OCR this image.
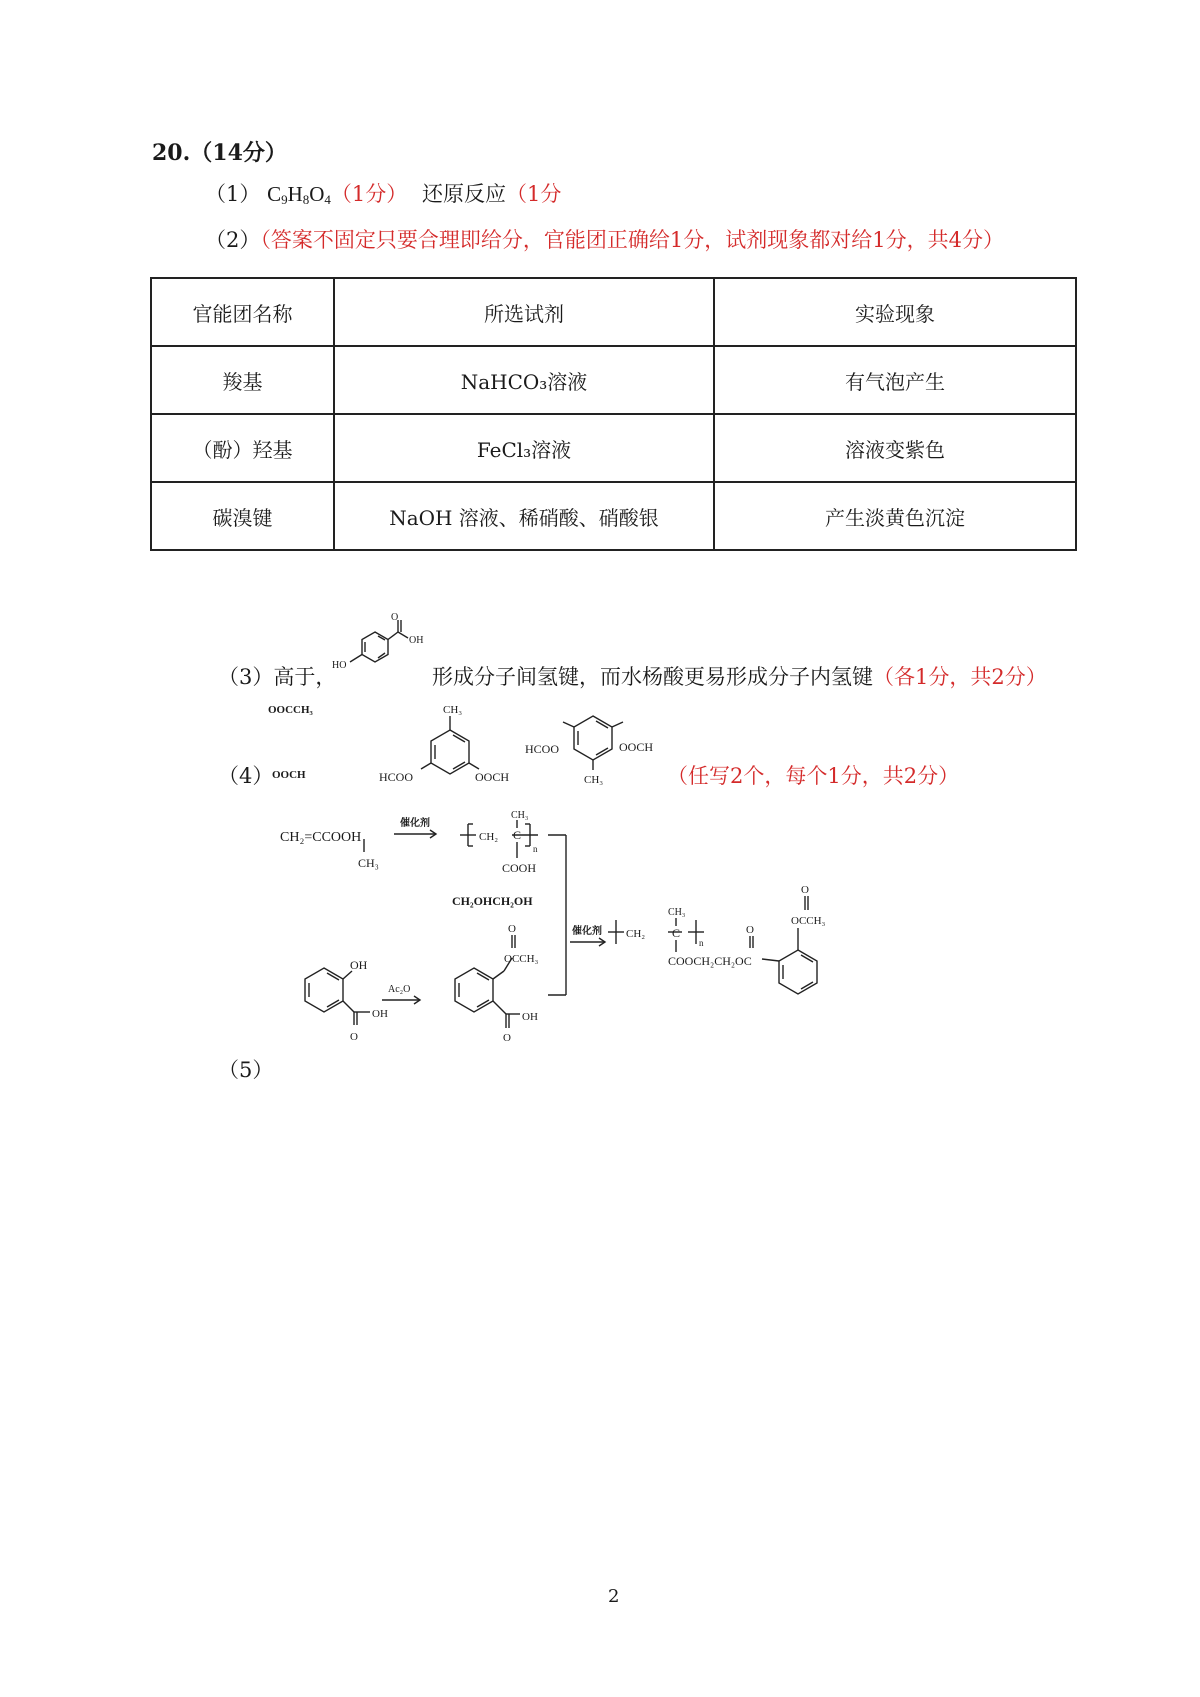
20.（14分）
（1） $C_9H_8O_4(1$分） 还原反应（1分
（2）（答案不固定只要合理即给分，官能团正确给1分，试剂现象都对给1分，共4分）
官能团名称	所选试剂	实验现象
羧基	NaHCO₃溶液	有气泡产生
（酚）羟基	FeCl₃溶液	溶液变紫色
碳溴键	NaOH 溶液、稀硝酸、硝酸银	产生淡黄色沉淀
（3）高于，
O
OH
HO	形成分子间氢键，而水杨酸更易形成分子内氢键（各1分，共2分）
（4）
OOCCH₃
OOCH
CH₃
HCOO	OOCH
HCOO	OOCH
CH₃	（任写2个，每个1分，共2分）
（5）
CH₂=CCOOH
CH₃
催化剂
CH₂ C
CH₃
n
COOH
CH₂OHCH₂OH
OH
OH
O
Ac₂O
O
OCCH₃
OH
O
催化剂 CH₂ C
CH₃
n
COOCH₂CH₂OC
O
O
OCCH₃
2
